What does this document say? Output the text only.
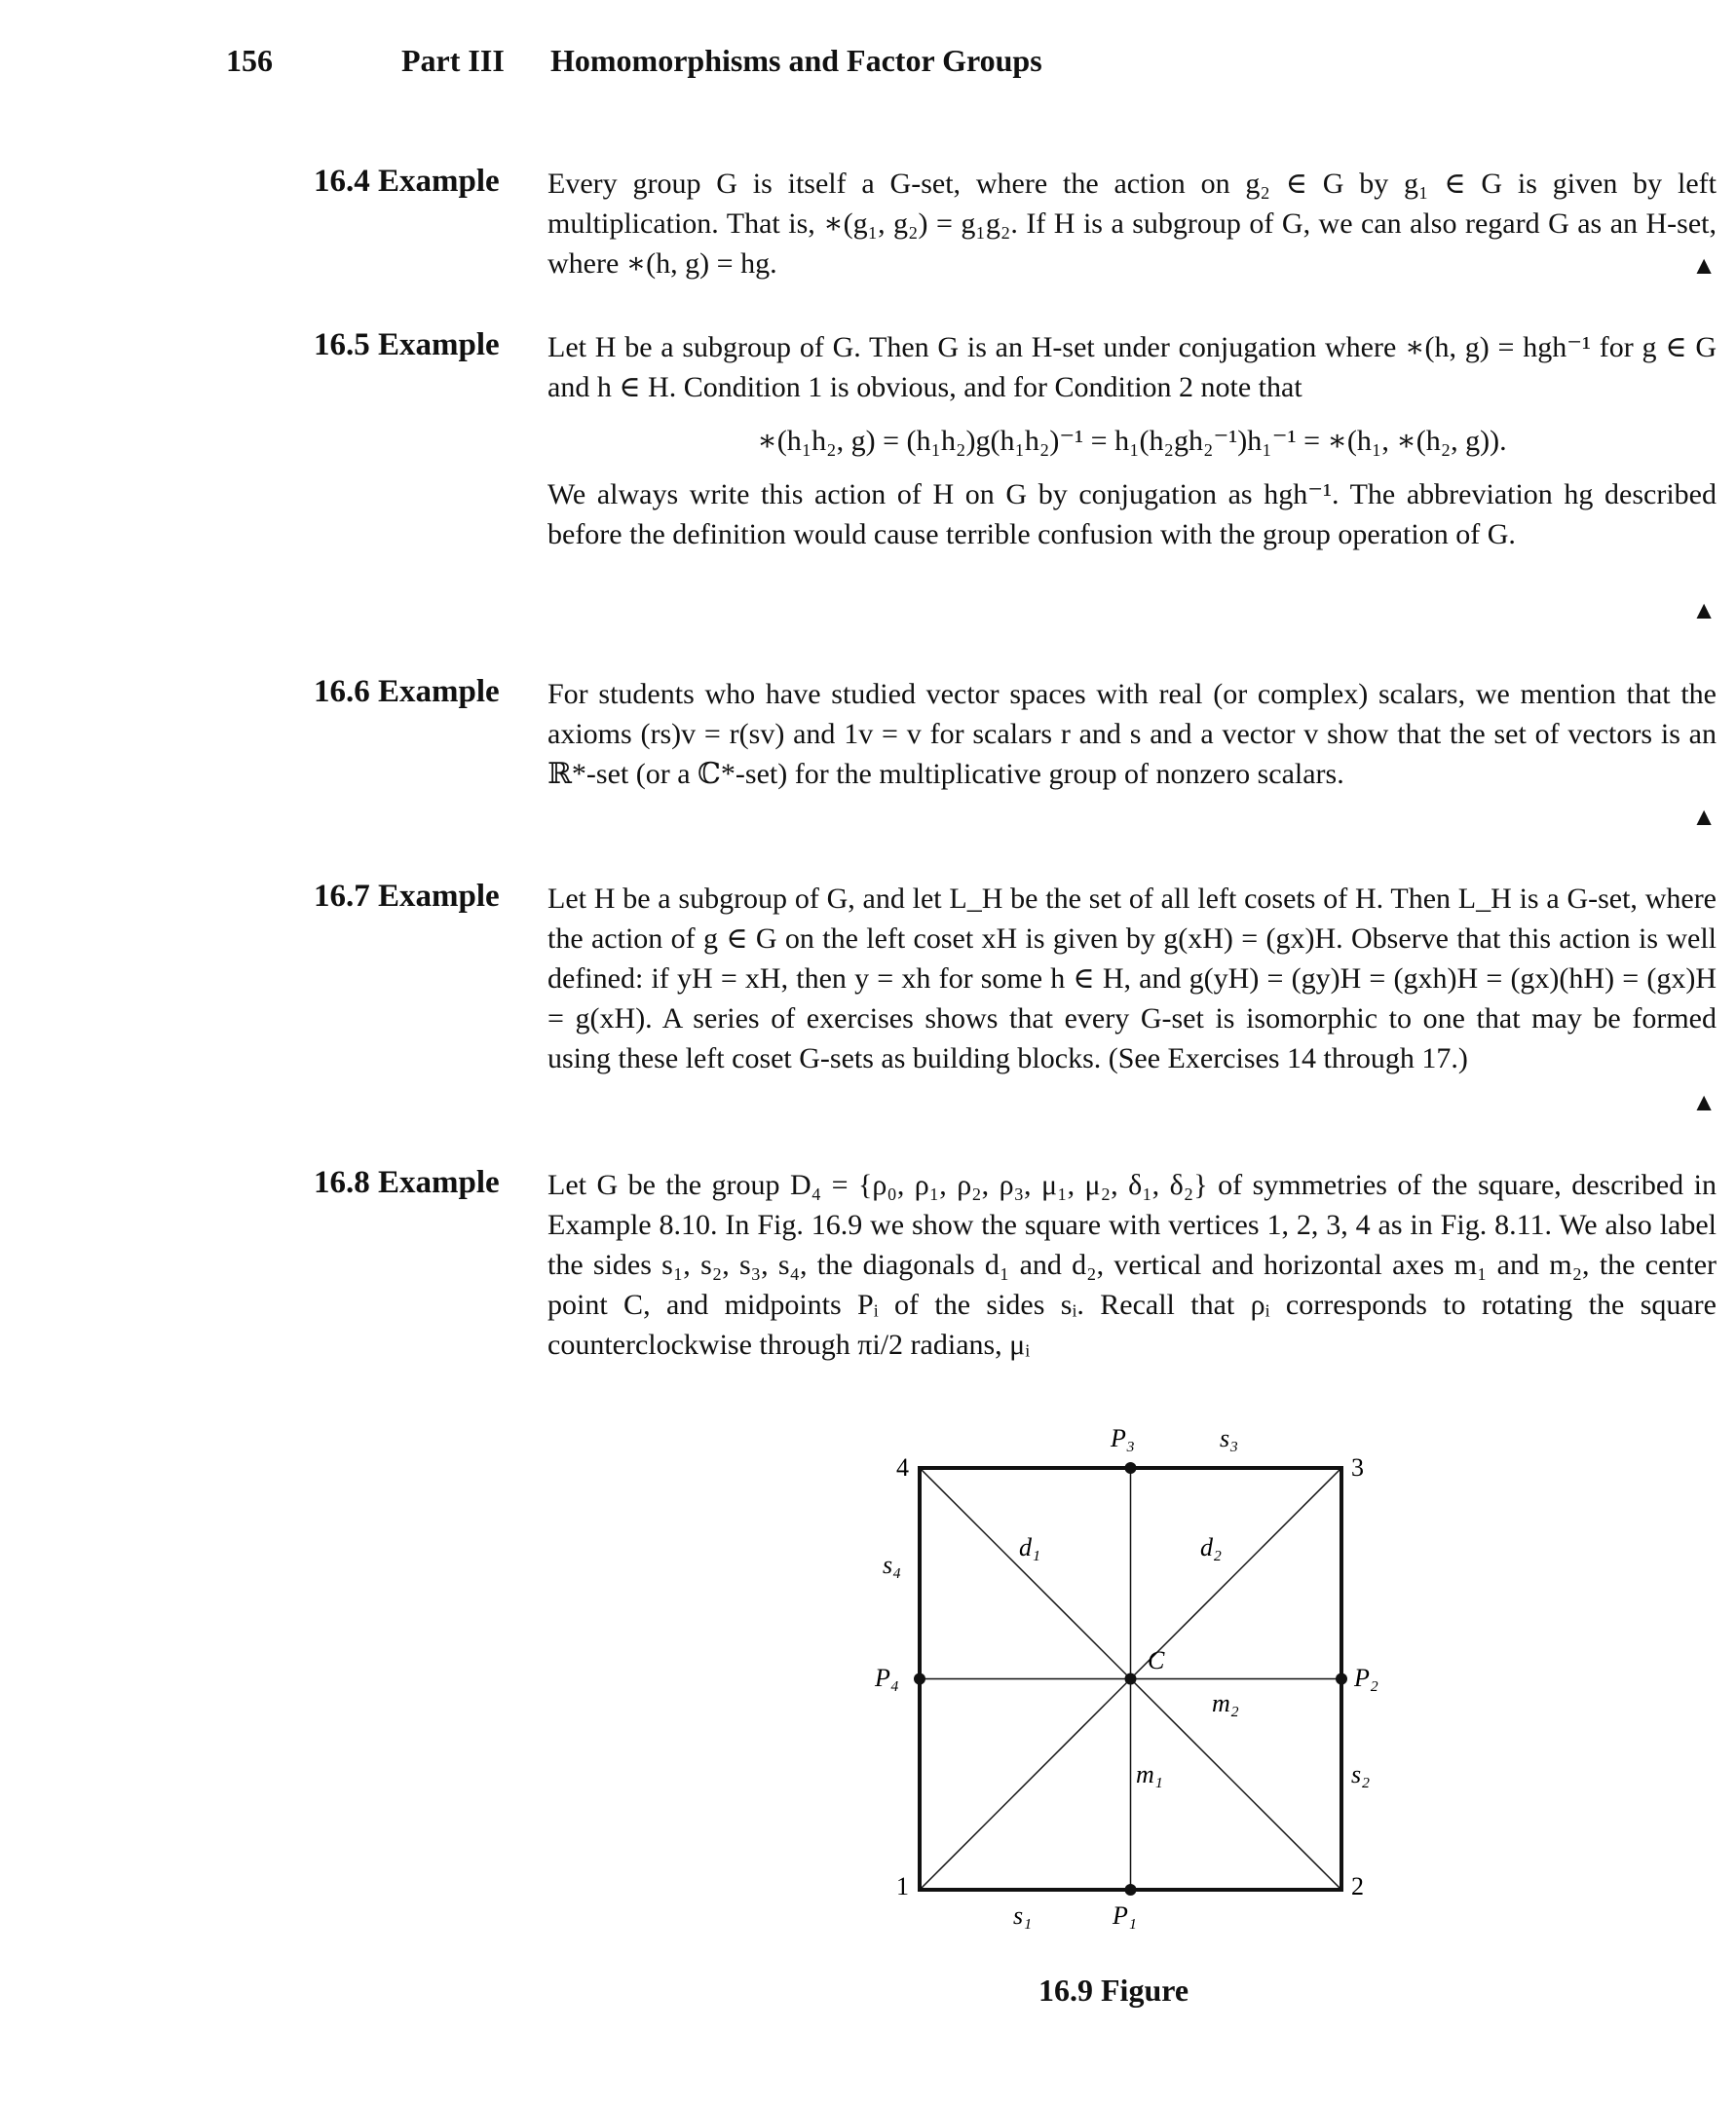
156	Part III Homomorphisms and Factor Groups
16.4 Example Every group G is itself a G-set, where the action on g₂ ∈ G by g₁ ∈ G is given by left multiplication. That is, ∗(g₁, g₂) = g₁g₂. If H is a subgroup of G, we can also regard G as an H-set, where ∗(h, g) = hg.	▲
16.5 Example Let H be a subgroup of G. Then G is an H-set under conjugation where ∗(h, g) = hgh⁻¹ for g ∈ G and h ∈ H. Condition 1 is obvious, and for Condition 2 note that

∗(h₁h₂, g) = (h₁h₂)g(h₁h₂)⁻¹ = h₁(h₂gh₂⁻¹)h₁⁻¹ = ∗(h₁, ∗(h₂, g)).

We always write this action of H on G by conjugation as hgh⁻¹. The abbreviation hg described before the definition would cause terrible confusion with the group operation of G.

▲
16.6 Example For students who have studied vector spaces with real (or complex) scalars, we mention that the axioms (rs)v = r(sv) and 1v = v for scalars r and s and a vector v show that the set of vectors is an ℝ*-set (or a ℂ*-set) for the multiplicative group of nonzero scalars.

▲
16.7 Example Let H be a subgroup of G, and let L_H be the set of all left cosets of H. Then L_H is a G-set, where the action of g ∈ G on the left coset xH is given by g(xH) = (gx)H. Observe that this action is well defined: if yH = xH, then y = xh for some h ∈ H, and g(yH) = (gy)H = (gxh)H = (gx)(hH) = (gx)H = g(xH). A series of exercises shows that every G-set is isomorphic to one that may be formed using these left coset G-sets as building blocks. (See Exercises 14 through 17.)

▲
16.8 Example Let G be the group D₄ = {ρ₀, ρ₁, ρ₂, ρ₃, μ₁, μ₂, δ₁, δ₂} of symmetries of the square, described in Example 8.10. In Fig. 16.9 we show the square with vertices 1, 2, 3, 4 as in Fig. 8.11. We also label the sides s₁, s₂, s₃, s₄, the diagonals d₁ and d₂, vertical and horizontal axes m₁ and m₂, the center point C, and midpoints Pᵢ of the sides sᵢ. Recall that ρᵢ corresponds to rotating the square counterclockwise through πi/2 radians, μᵢ

4	3
1	2
P₃	s₃
s₄
d₁	d₂
C
P₄	P₂
m₂
m₁	s₂
s₁	P₁
16.9 Figure
